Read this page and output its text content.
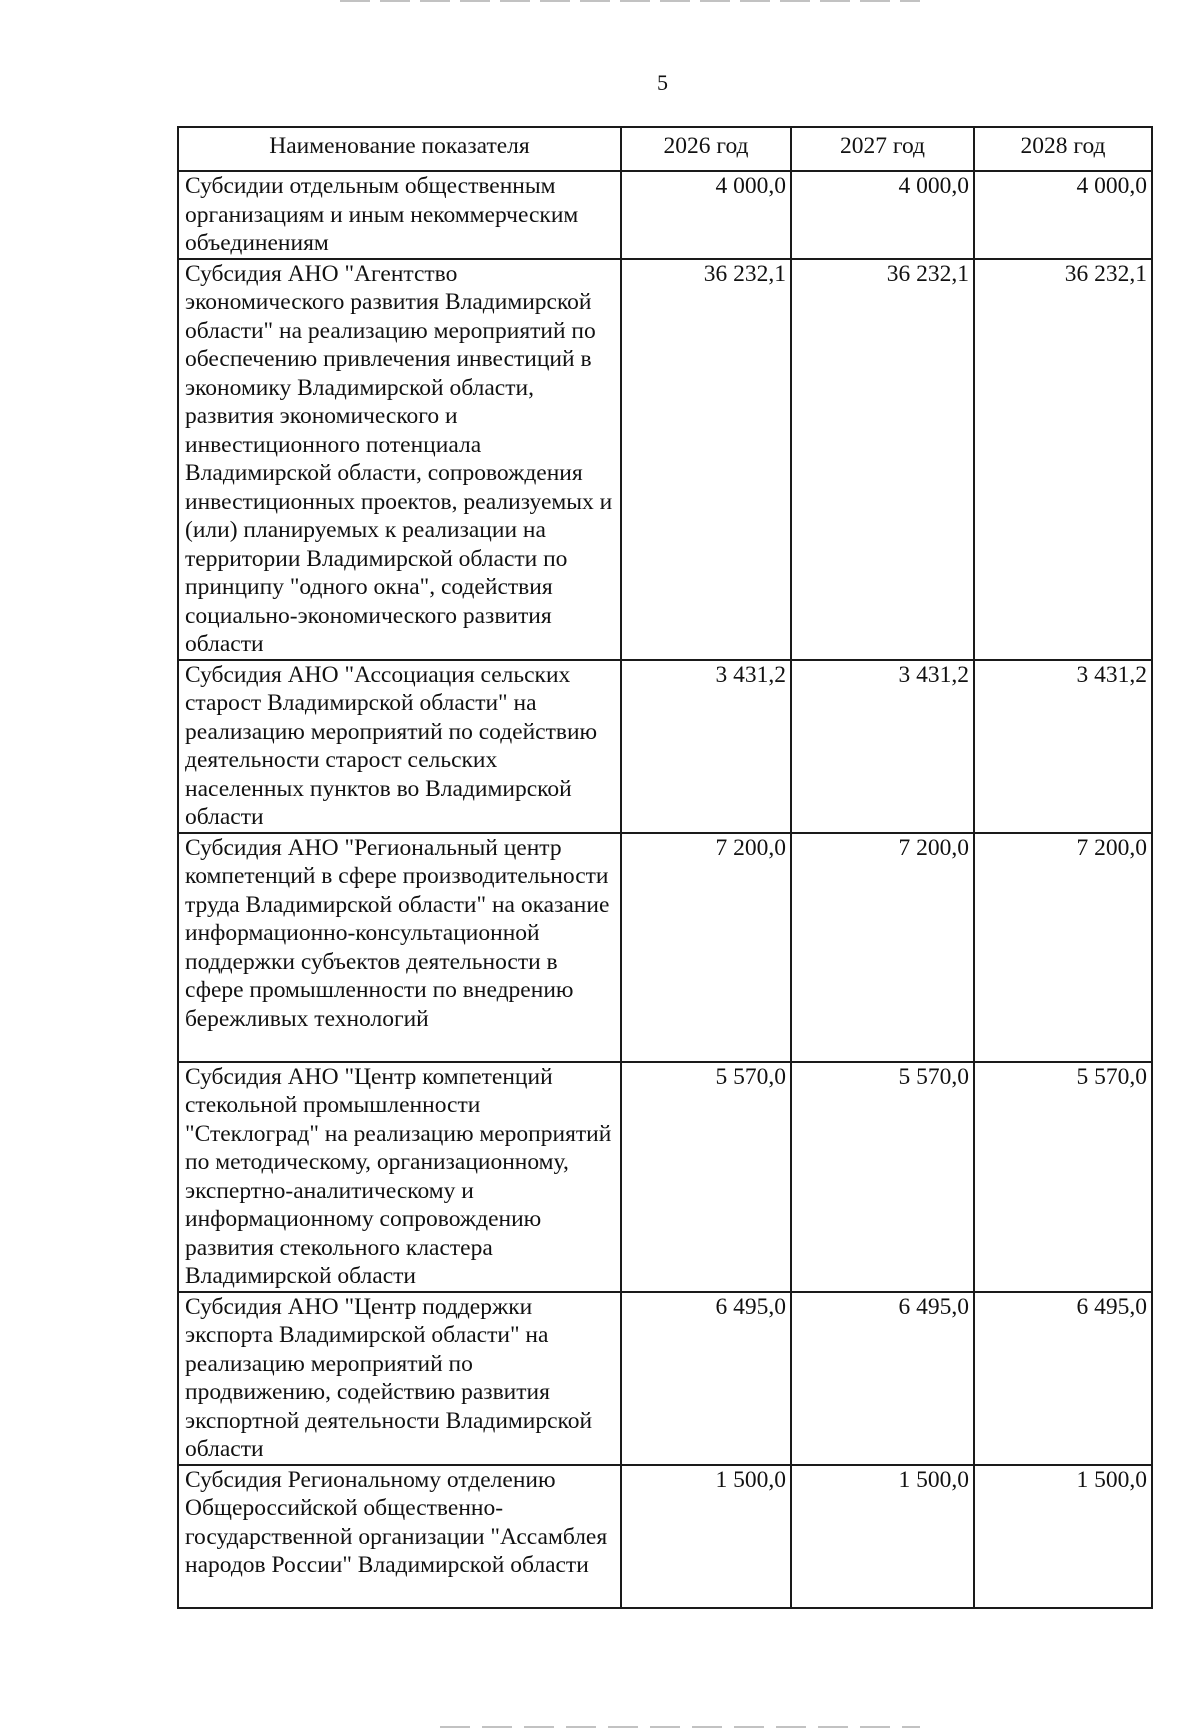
5
Наименование показателя	2026 год	2027 год	2028 год
Субсидии отдельным общественным организациям и иным некоммерческим объединениям	4 000,0	4 000,0	4 000,0
Субсидия АНО "Агентство экономического развития Владимирской области" на реализацию мероприятий по обеспечению привлечения инвестиций в экономику Владимирской области, развития экономического и инвестиционного потенциала Владимирской области, сопровождения инвестиционных проектов, реализуемых и (или) планируемых к реализации на территории Владимирской области по принципу "одного окна", содействия социально-экономического развития области	36 232,1	36 232,1	36 232,1
Субсидия АНО "Ассоциация сельских старост Владимирской области" на реализацию мероприятий по содействию деятельности старост сельских населенных пунктов во Владимирской области	3 431,2	3 431,2	3 431,2
Субсидия АНО "Региональный центр компетенций в сфере производительности труда Владимирской области" на оказание информационно-консультационной поддержки субъектов деятельности в сфере промышленности по внедрению бережливых технологий	7 200,0	7 200,0	7 200,0
Субсидия АНО "Центр компетенций стекольной промышленности "Стеклоград" на реализацию мероприятий по методическому, организационному, экспертно-аналитическому и информационному сопровождению развития стекольного кластера Владимирской области	5 570,0	5 570,0	5 570,0
Субсидия АНО "Центр поддержки экспорта Владимирской области" на реализацию мероприятий по продвижению, содействию развития экспортной деятельности Владимирской области	6 495,0	6 495,0	6 495,0
Субсидия Региональному отделению Общероссийской общественно-государственной организации "Ассамблея народов России" Владимирской области	1 500,0	1 500,0	1 500,0
